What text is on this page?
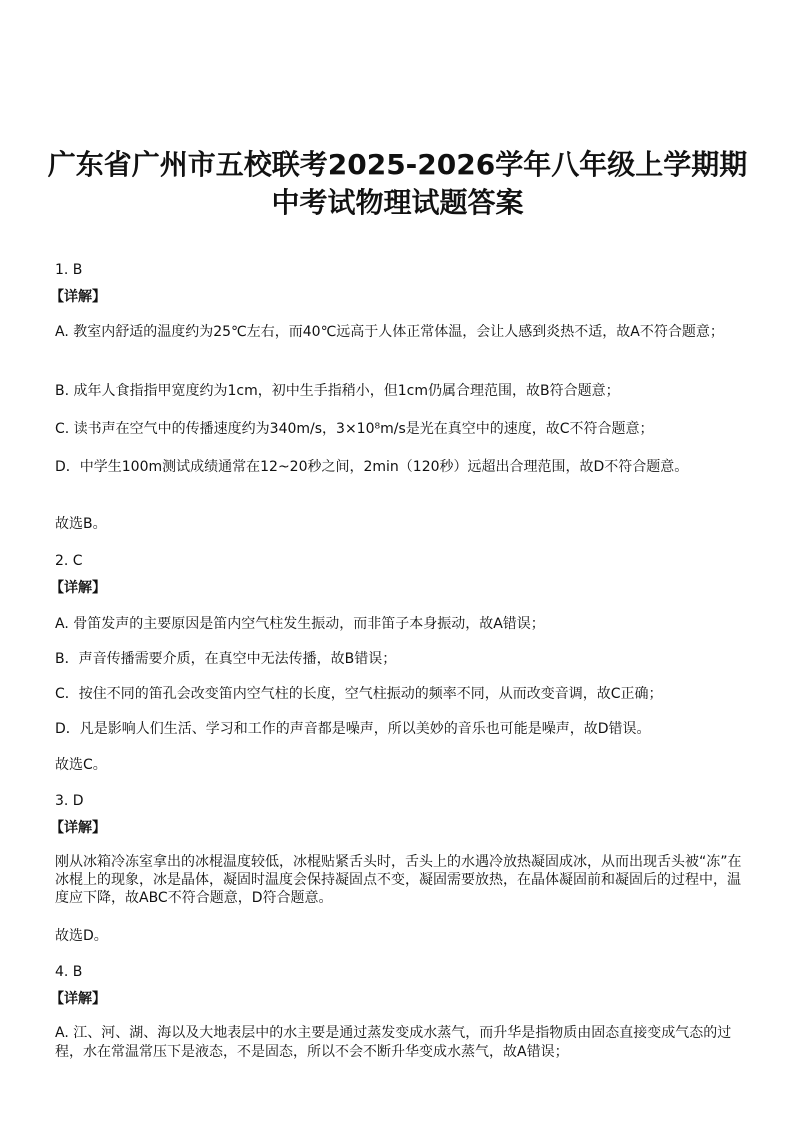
广东省广州市五校联考2025-2026学年八年级上学期期
中考试物理试题答案
1. B
【详解】
A. 教室内舒适的温度约为25℃左右，而40℃远高于人体正常体温，会让人感到炎热不适，故A不符合题意；
B. 成年人食指指甲宽度约为1cm，初中生手指稍小，但1cm仍属合理范围，故B符合题意；
C. 读书声在空气中的传播速度约为340m/s，3×10⁸m/s是光在真空中的速度，故C不符合题意；
D．中学生100m测试成绩通常在12~20秒之间，2min（120秒）远超出合理范围，故D不符合题意。
故选B。
2. C
【详解】
A. 骨笛发声的主要原因是笛内空气柱发生振动，而非笛子本身振动，故A错误；
B．声音传播需要介质，在真空中无法传播，故B错误；
C．按住不同的笛孔会改变笛内空气柱的长度，空气柱振动的频率不同，从而改变音调，故C正确；
D．凡是影响人们生活、学习和工作的声音都是噪声，所以美妙的音乐也可能是噪声，故D错误。
故选C。
3. D
【详解】
刚从冰箱冷冻室拿出的冰棍温度较低，冰棍贴紧舌头时，舌头上的水遇冷放热凝固成冰，从而出现舌头被“冻”在冰棍上的现象，冰是晶体，凝固时温度会保持凝固点不变，凝固需要放热，在晶体凝固前和凝固后的过程中，温度应下降，故ABC不符合题意，D符合题意。
故选D。
4. B
【详解】
A. 江、河、湖、海以及大地表层中的水主要是通过蒸发变成水蒸气，而升华是指物质由固态直接变成气态的过程，水在常温常压下是液态，不是固态，所以不会不断升华变成水蒸气，故A错误；
